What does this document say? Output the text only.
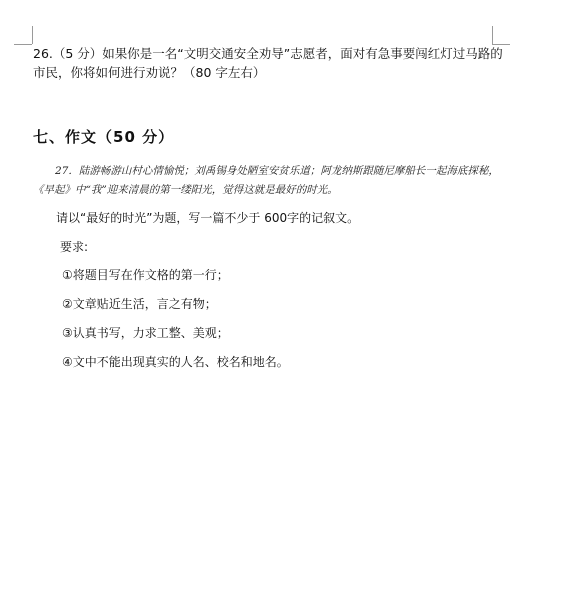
26.（5 分）如果你是一名“文明交通安全劝导”志愿者，面对有急事要闯红灯过马路的市民，你将如何进行劝说？（80 字左右）
七、作文（50 分）
27．陆游畅游山村心情愉悦；刘禹锡身处陋室安贫乐道；阿龙纳斯跟随尼摩船长一起海底探秘，《早起》中“我”迎来清晨的第一缕阳光，觉得这就是最好的时光。
请以“最好的时光”为题，写一篇不少于 600字的记叙文。
要求:
①将题目写在作文格的第一行；
②文章贴近生活，言之有物；
③认真书写，力求工整、美观；
④文中不能出现真实的人名、校名和地名。
